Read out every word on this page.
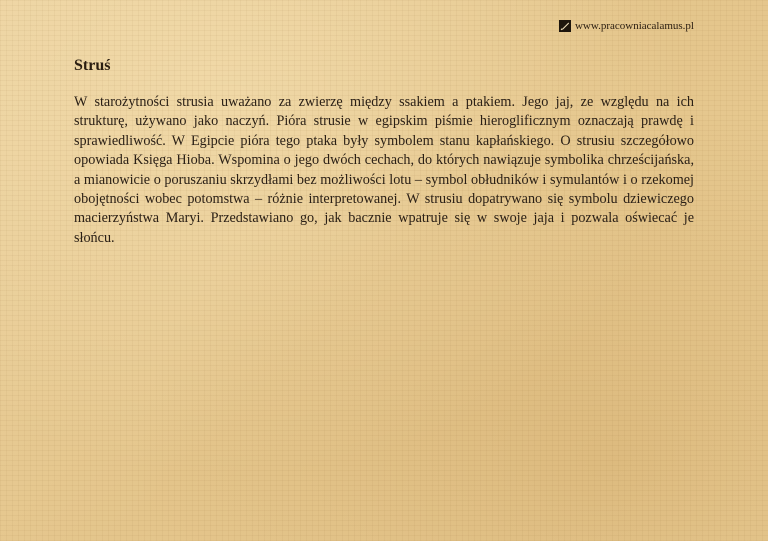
www.pracowniacalamus.pl
Struś

W starożytności strusia uważano za zwierzę między ssakiem a ptakiem. Jego jaj, ze względu na ich strukturę, używano jako naczyń. Pióra strusie w egipskim piśmie hieroglificznym oznaczają prawdę i sprawiedliwość. W Egipcie pióra tego ptaka były symbolem stanu kapłańskiego. O strusiu szczegółowo opowiada Księga Hioba. Wspomina o jego dwóch cechach, do których nawiązuje symbolika chrześcijańska, a mianowicie o poruszaniu skrzydłami bez możliwości lotu – symbol obłudników i symulantów i o rzekomej obojętności wobec potomstwa – różnie interpretowanej. W strusiu dopatrywano się symbolu dziewiczego macierzyństwa Maryi. Przedstawiano go, jak bacznie wpatruje się w swoje jaja i pozwala oświecać je słońcu.
